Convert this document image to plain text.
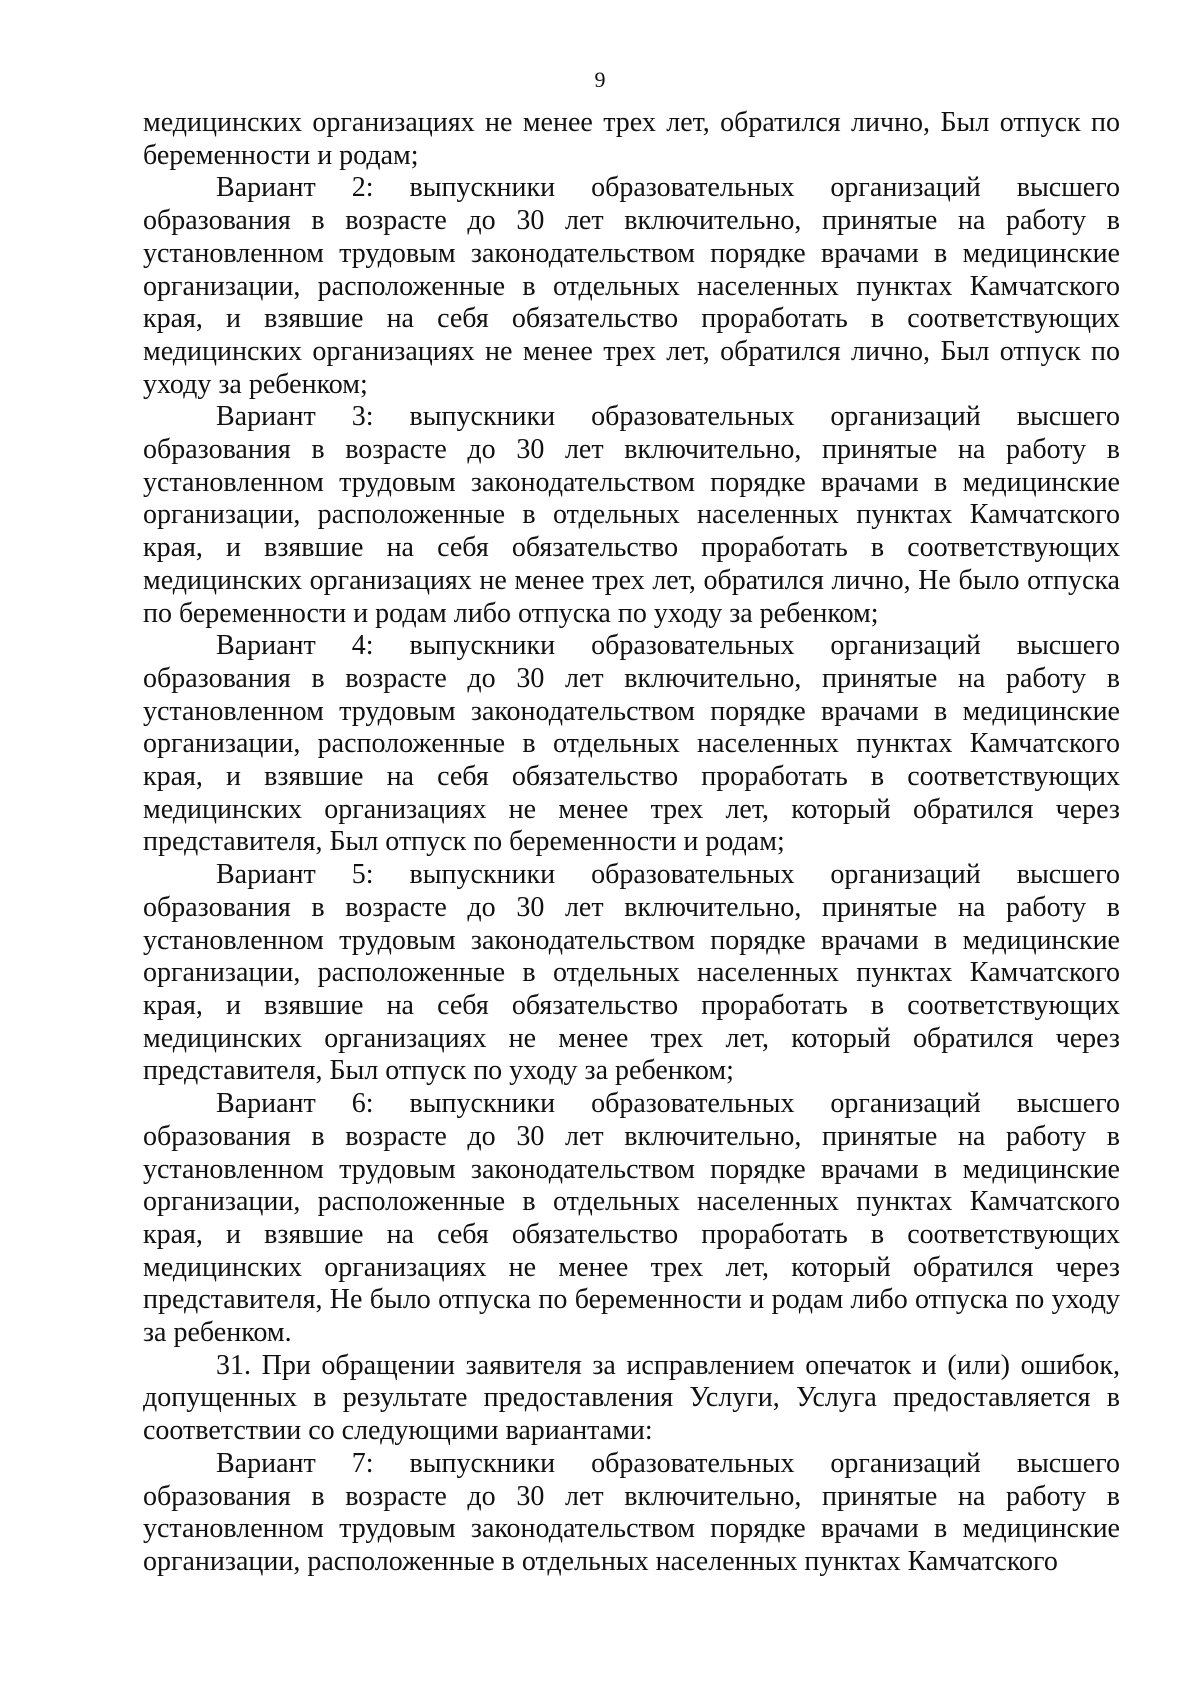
9

медицинских организациях не менее трех лет, обратился лично, Был отпуск по беременности и родам;

Вариант 2: выпускники образовательных организаций высшего образования в возрасте до 30 лет включительно, принятые на работу в установленном трудовым законодательством порядке врачами в медицинские организации, расположенные в отдельных населенных пунктах Камчатского края, и взявшие на себя обязательство проработать в соответствующих медицинских организациях не менее трех лет, обратился лично, Был отпуск по уходу за ребенком;

Вариант 3: выпускники образовательных организаций высшего образования в возрасте до 30 лет включительно, принятые на работу в установленном трудовым законодательством порядке врачами в медицинские организации, расположенные в отдельных населенных пунктах Камчатского края, и взявшие на себя обязательство проработать в соответствующих медицинских организациях не менее трех лет, обратился лично, Не было отпуска по беременности и родам либо отпуска по уходу за ребенком;

Вариант 4: выпускники образовательных организаций высшего образования в возрасте до 30 лет включительно, принятые на работу в установленном трудовым законодательством порядке врачами в медицинские организации, расположенные в отдельных населенных пунктах Камчатского края, и взявшие на себя обязательство проработать в соответствующих медицинских организациях не менее трех лет, который обратился через представителя, Был отпуск по беременности и родам;

Вариант 5: выпускники образовательных организаций высшего образования в возрасте до 30 лет включительно, принятые на работу в установленном трудовым законодательством порядке врачами в медицинские организации, расположенные в отдельных населенных пунктах Камчатского края, и взявшие на себя обязательство проработать в соответствующих медицинских организациях не менее трех лет, который обратился через представителя, Был отпуск по уходу за ребенком;

Вариант 6: выпускники образовательных организаций высшего образования в возрасте до 30 лет включительно, принятые на работу в установленном трудовым законодательством порядке врачами в медицинские организации, расположенные в отдельных населенных пунктах Камчатского края, и взявшие на себя обязательство проработать в соответствующих медицинских организациях не менее трех лет, который обратился через представителя, Не было отпуска по беременности и родам либо отпуска по уходу за ребенком.

31. При обращении заявителя за исправлением опечаток и (или) ошибок, допущенных в результате предоставления Услуги, Услуга предоставляется в соответствии со следующими вариантами:

Вариант 7: выпускники образовательных организаций высшего образования в возрасте до 30 лет включительно, принятые на работу в установленном трудовым законодательством порядке врачами в медицинские организации, расположенные в отдельных населенных пунктах Камчатского
